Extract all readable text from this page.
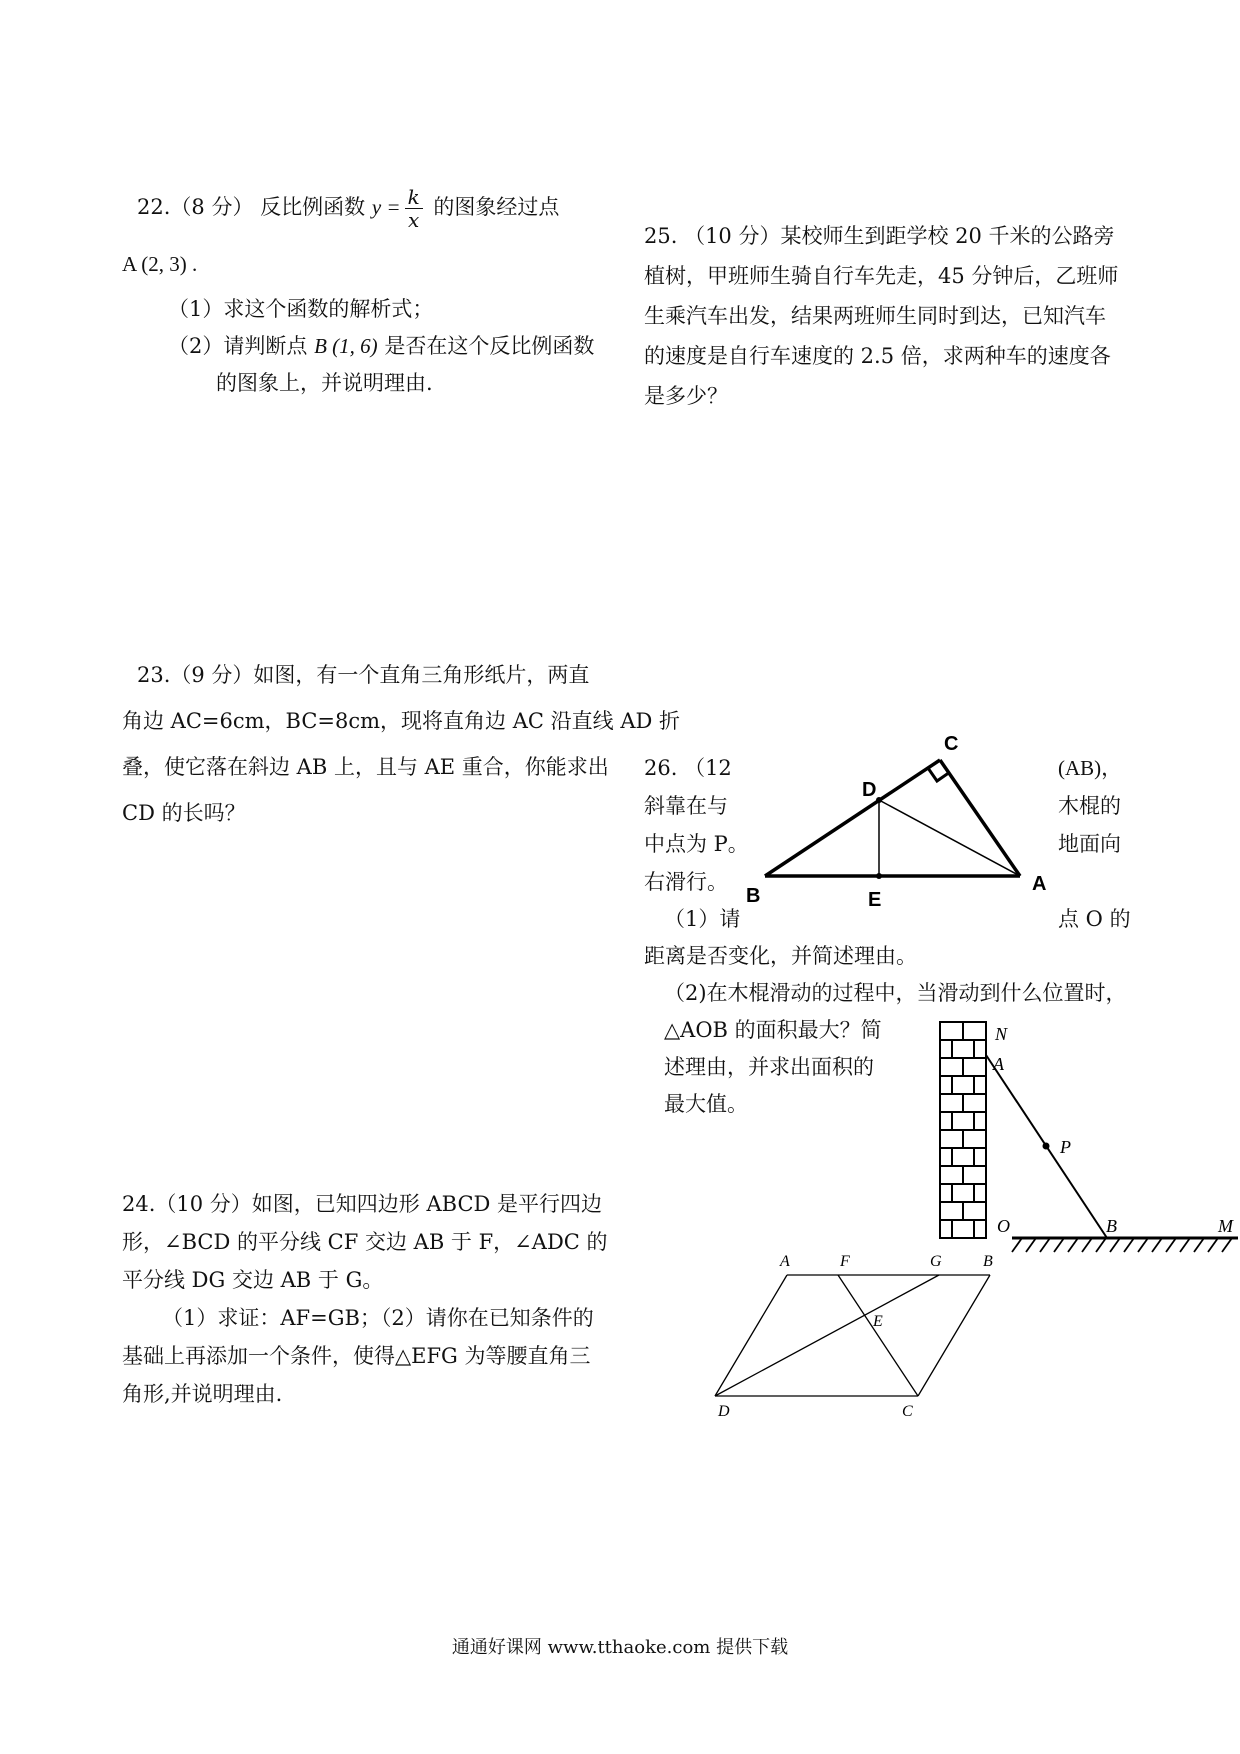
22.（8 分） 反比例函数 $y = \frac{k}{x}$ 的图象经过点
A (2, 3) .
（1）求这个函数的解析式；
（2）请判断点 B (1, 6) 是否在这个反比例函数
的图象上，并说明理由.
23.（9 分）如图，有一个直角三角形纸片，两直
角边 AC=6cm，BC=8cm，现将直角边 AC 沿直线 AD 折
叠，使它落在斜边 AB 上，且与 AE 重合，你能求出
CD 的长吗？
24.（10 分）如图，已知四边形 ABCD 是平行四边
形，∠BCD 的平分线 CF 交边 AB 于 F，∠ADC 的
平分线 DG 交边 AB 于 G。
（1）求证：AF=GB；（2）请你在已知条件的
基础上再添加一个条件，使得△EFG 为等腰直角三
角形,并说明理由.
25. （10 分）某校师生到距学校 20 千米的公路旁
植树，甲班师生骑自行车先走，45 分钟后，乙班师
生乘汽车出发，结果两班师生同时到达，已知汽车
的速度是自行车速度的 2.5 倍，求两种车的速度各
是多少？
26. （12	(AB)，
斜靠在与	木棍的
中点为 P。	地面向
右滑行。
（1）请	点 O 的
距离是否变化，并简述理由。
（2)在木棍滑动的过程中，当滑动到什么位置时，
△AOB 的面积最大？简
述理由，并求出面积的
最大值。
C
D
B	E
A
N
A
P
O	B	M
A	F	G	B
E
D	C
通通好课网 www.tthaoke.com 提供下载
